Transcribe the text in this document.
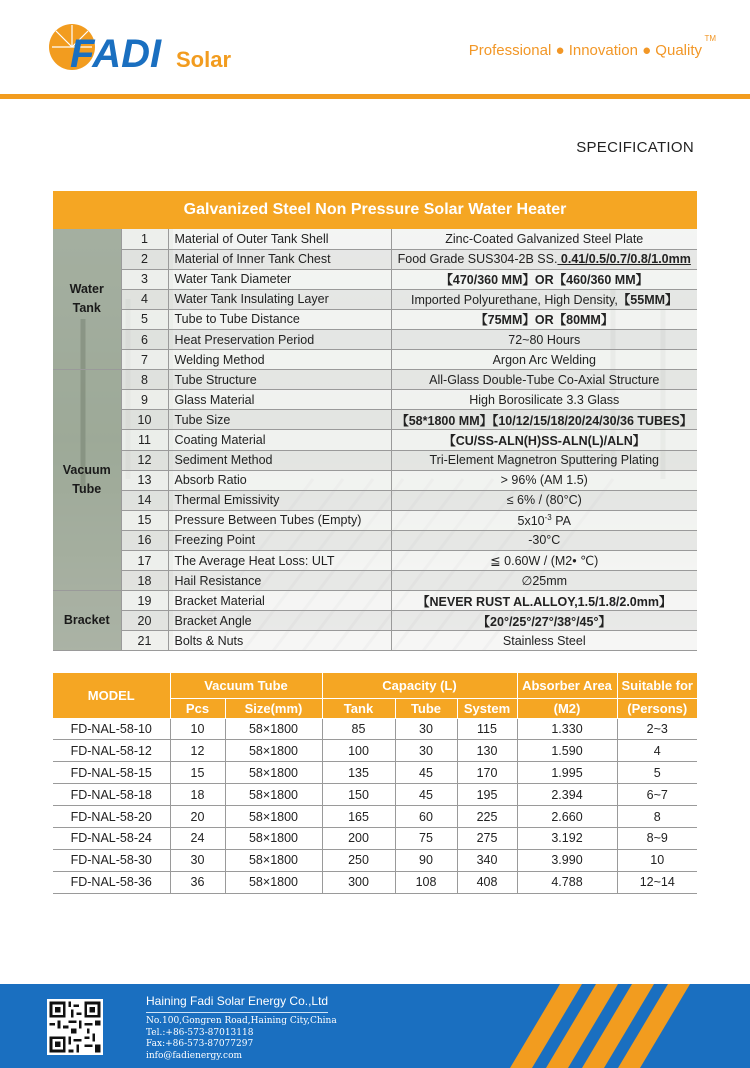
FADI Solar	Professional ● Innovation ● Quality
TM
SPECIFICATION
Galvanized Steel Non Pressure Solar Water Heater
Water
Tank	1	Material of Outer Tank Shell	Zinc-Coated Galvanized Steel Plate
	2	Material of Inner Tank Chest	Food Grade SUS304-2B SS. 0.41/0.5/0.7/0.8/1.0mm
	3	Water Tank Diameter	【470/360 MM】OR【460/360 MM】
	4	Water Tank Insulating Layer	Imported Polyurethane, High Density,【55MM】
	5	Tube to Tube Distance	【75MM】OR【80MM】
	6	Heat Preservation Period	72~80 Hours
	7	Welding Method	Argon Arc Welding

Vacuum
Tube	8	Tube Structure	All-Glass Double-Tube Co-Axial Structure
	9	Glass Material	High Borosilicate 3.3 Glass
	10	Tube Size	【58*1800 MM】【10/12/15/18/20/24/30/36 TUBES】
	11	Coating Material	【CU/SS-ALN(H)SS-ALN(L)/ALN】
	12	Sediment Method	Tri-Element Magnetron Sputtering Plating
	13	Absorb Ratio	> 96% (AM 1.5)
	14	Thermal Emissivity	≤ 6% / (80°C)
	15	Pressure Between Tubes (Empty)	$5x10^{-3}$ PA
	16	Freezing Point	-30°C
	17	The Average Heat Loss: ULT	≦ 0.60W / (M2• ℃)
	18	Hail Resistance	∅25mm

Bracket	19	Bracket Material	【NEVER RUST AL.ALLOY,1.5/1.8/2.0mm】
	20	Bracket Angle	【20°/25°/27°/38°/45°】
	21	Bolts & Nuts	Stainless Steel
MODEL	Vacuum Tube		Capacity (L)			Absorber Area	Suitable for
	Pcs	Size(mm)	Tank	Tube	System	(M2)	(Persons)
FD-NAL-58-10	10	58×1800	85	30	115	1.330	2~3
FD-NAL-58-12	12	58×1800	100	30	130	1.590	4
FD-NAL-58-15	15	58×1800	135	45	170	1.995	5
FD-NAL-58-18	18	58×1800	150	45	195	2.394	6~7
FD-NAL-58-20	20	58×1800	165	60	225	2.660	8
FD-NAL-58-24	24	58×1800	200	75	275	3.192	8~9
FD-NAL-58-30	30	58×1800	250	90	340	3.990	10
FD-NAL-58-36	36	58×1800	300	108	408	4.788	12~14
Haining Fadi Solar Energy Co.,Ltd
No.100,Gongren Road,Haining City,China
Tel.:+86-573-87013118
Fax:+86-573-87077297
info@fadienergy.com
